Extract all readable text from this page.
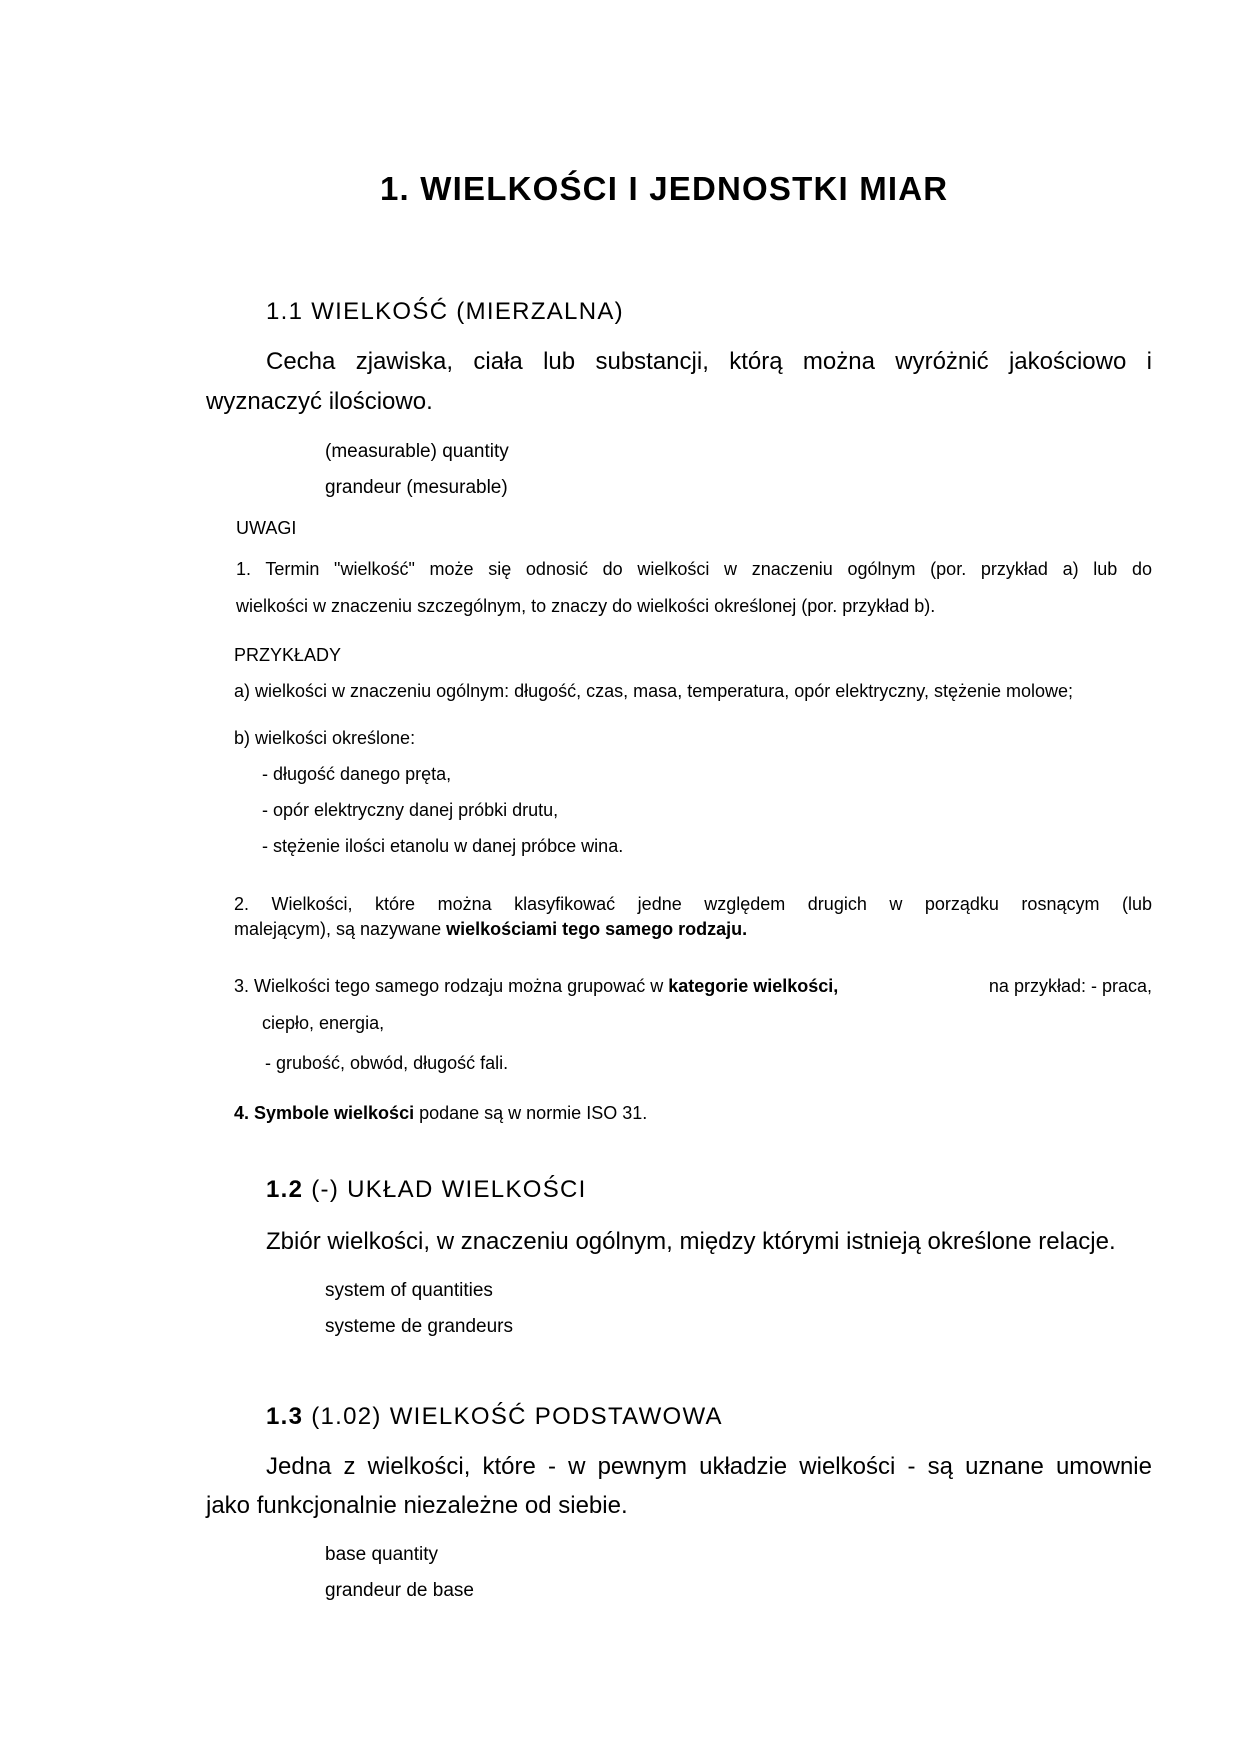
1. WIELKOŚCI I JEDNOSTKI MIAR
1.1 WIELKOŚĆ (MIERZALNA)
Cecha zjawiska, ciała lub substancji, którą można wyróżnić jakościowo i
wyznaczyć ilościowo.
(measurable) quantity
grandeur (mesurable)
UWAGI
1. Termin "wielkość" może się odnosić do wielkości w znaczeniu ogólnym (por. przykład a) lub do
wielkości w znaczeniu szczególnym, to znaczy do wielkości określonej (por. przykład b).
PRZYKŁADY
a) wielkości w znaczeniu ogólnym: długość, czas, masa, temperatura, opór elektryczny, stężenie molowe;
b) wielkości określone:
- długość danego pręta,
- opór elektryczny danej próbki drutu,
- stężenie ilości etanolu w danej próbce wina.
2. Wielkości, które można klasyfikować jedne względem drugich w porządku rosnącym (lub
malejącym), są nazywane wielkościami tego samego rodzaju.
3. Wielkości tego samego rodzaju można grupować w kategorie wielkości,	na przykład: - praca,
ciepło, energia,
- grubość, obwód, długość fali.
4. Symbole wielkości podane są w normie ISO 31.
1.2 (-) UKŁAD WIELKOŚCI
Zbiór wielkości, w znaczeniu ogólnym, między którymi istnieją określone relacje.
system of quantities
systeme de grandeurs
1.3 (1.02) WIELKOŚĆ PODSTAWOWA
Jedna z wielkości, które - w pewnym układzie wielkości - są uznane umownie
jako funkcjonalnie niezależne od siebie.
base quantity
grandeur de base
